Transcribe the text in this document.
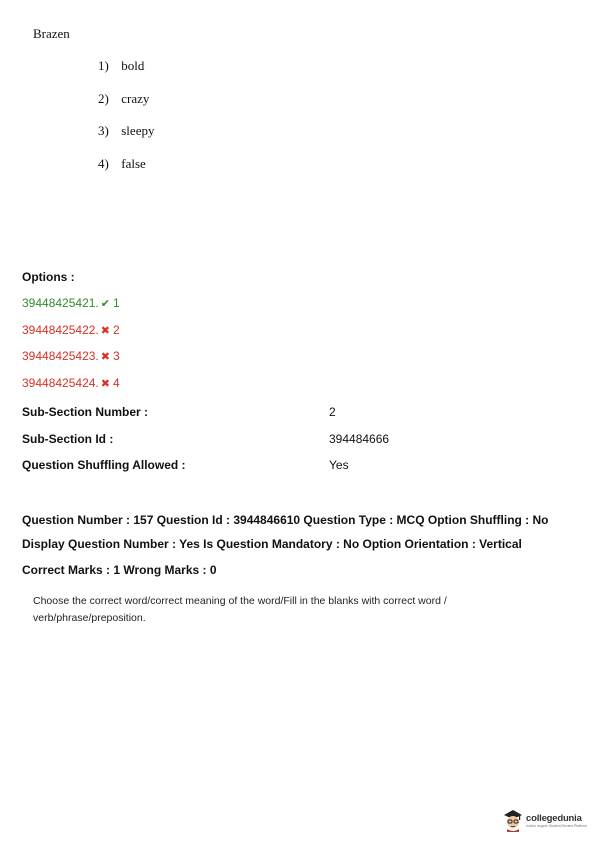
Brazen
1) bold
2) crazy
3) sleepy
4) false
Options :
39448425421. ✔ 1
39448425422. ✖ 2
39448425423. ✖ 3
39448425424. ✖ 4
Sub-Section Number :	2
Sub-Section Id :	394484666
Question Shuffling Allowed :	Yes
Question Number : 157 Question Id : 3944846610 Question Type : MCQ Option Shuffling : No
Display Question Number : Yes Is Question Mandatory : No Option Orientation : Vertical
Correct Marks : 1 Wrong Marks : 0
Choose the correct word/correct meaning of the word/Fill in the blanks with correct word / verb/phrase/preposition.
collegedunia
India's largest Student Review Platform
